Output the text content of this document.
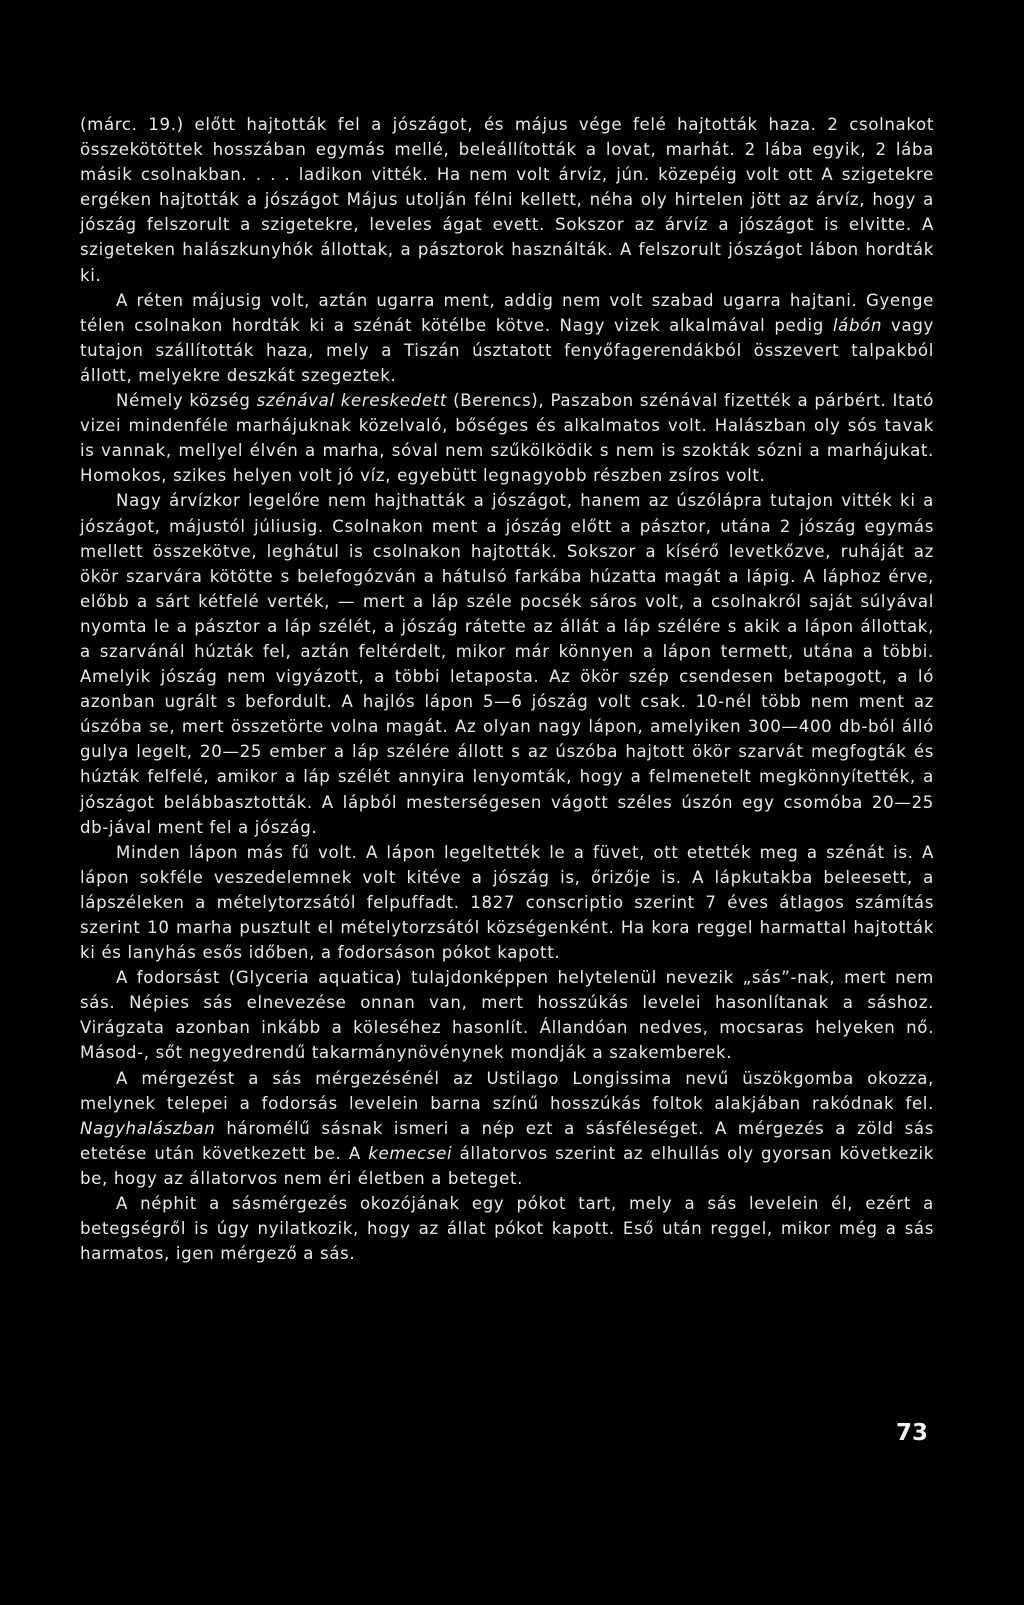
(márc. 19.) előtt hajtották fel a jószágot, és május vége felé hajtották haza. 2 csolnakot összekötöttek hosszában egymás mellé, beleállították a lovat, marhát. 2 lába egyik, 2 lába másik csolnakban. . . . ladikon vitték. Ha nem volt árvíz, jún. közepéig volt ott A szigetekre ergéken hajtották a jószágot Május utolján félni kellett, néha oly hirtelen jött az árvíz, hogy a jószág felszorult a szigetekre, leveles ágat evett. Sokszor az árvíz a jószágot is elvitte. A szigeteken halászkunyhók állottak, a pásztorok használták. A felszorult jószágot lábon hordták ki.

A réten májusig volt, aztán ugarra ment, addig nem volt szabad ugarra hajtani. Gyenge télen csolnakon hordták ki a szénát kötélbe kötve. Nagy vizek alkalmával pedig lábón vagy tutajon szállították haza, mely a Tiszán úsztatott fenyőfagerendákból összevert talpakból állott, melyekre deszkát szegeztek.

Némely község szénával kereskedett (Berencs), Paszabon szénával fizették a párbért. Itató vizei mindenféle marhájuknak közelvaló, bőséges és alkalmatos volt. Halászban oly sós tavak is vannak, mellyel élvén a marha, sóval nem szűkölködik s nem is szokták sózni a marhájukat. Homokos, szikes helyen volt jó víz, egyebütt legnagyobb részben zsíros volt.

Nagy árvízkor legelőre nem hajthatták a jószágot, hanem az úszólápra tutajon vitték ki a jószágot, májustól júliusig. Csolnakon ment a jószág előtt a pásztor, utána 2 jószág egymás mellett összekötve, leghátul is csolnakon hajtották. Sokszor a kísérő levetkőzve, ruháját az ökör szarvára kötötte s belefogózván a hátulsó farkába húzatta magát a lápig. A láphoz érve, előbb a sárt kétfelé verték, — mert a láp széle pocsék sáros volt, a csolnakról saját súlyával nyomta le a pásztor a láp szélét, a jószág rátette az állát a láp szélére s akik a lápon állottak, a szarvánál húzták fel, aztán feltérdelt, mikor már könnyen a lápon termett, utána a többi. Amelyik jószág nem vigyázott, a többi letaposta. Az ökör szép csendesen betapogott, a ló azonban ugrált s befordult. A hajlós lápon 5—6 jószág volt csak. 10-nél több nem ment az úszóba se, mert összetörte volna magát. Az olyan nagy lápon, amelyiken 300—400 db-ból álló gulya legelt, 20—25 ember a láp szélére állott s az úszóba hajtott ökör szarvát megfogták és húzták felfelé, amikor a láp szélét annyira lenyomták, hogy a felmenetelt megkönnyítették, a jószágot belábbasztották. A lápból mesterségesen vágott széles úszón egy csomóba 20—25 db-jával ment fel a jószág.

Minden lápon más fű volt. A lápon legeltették le a füvet, ott etették meg a szénát is. A lápon sokféle veszedelemnek volt kitéve a jószág is, őrizője is. A lápkutakba beleesett, a lápszéleken a mételytorzsától felpuffadt. 1827 conscriptio szerint 7 éves átlagos számítás szerint 10 marha pusztult el mételytorzsától községenként. Ha kora reggel harmattal hajtották ki és lanyhás esős időben, a fodorsáson pókot kapott.

A fodorsást (Glyceria aquatica) tulajdonképpen helytelenül nevezik „sás”-nak, mert nem sás. Népies sás elnevezése onnan van, mert hosszúkás levelei hasonlítanak a sáshoz. Virágzata azonban inkább a köleséhez hasonlít. Állandóan nedves, mocsaras helyeken nő. Másod-, sőt negyedrendű takarmánynövénynek mondják a szakemberek.

A mérgezést a sás mérgezésénél az Ustilago Longissima nevű üszökgomba okozza, melynek telepei a fodorsás levelein barna színű hosszúkás foltok alakjában rakódnak fel. Nagyhalászban háromélű sásnak ismeri a nép ezt a sásféleséget. A mérgezés a zöld sás etetése után következett be. A kemecsei állatorvos szerint az elhullás oly gyorsan következik be, hogy az állatorvos nem éri életben a beteget.

A néphit a sásmérgezés okozójának egy pókot tart, mely a sás levelein él, ezért a betegségről is úgy nyilatkozik, hogy az állat pókot kapott. Eső után reggel, mikor még a sás harmatos, igen mérgező a sás.

73
